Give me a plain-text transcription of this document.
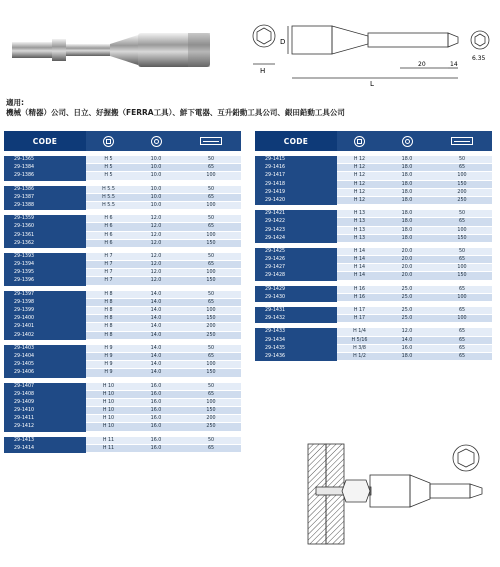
H
D
L
20	14
6.35
適用:
機械（精器）公司、日立、好握搬（FERRA工具）、鮮下電器、互升鉛動工具公司、銀田鉛動工具公司
CODE
29-1365	H 5	10.0	50
29-1384	H 5	10.0	65
29-1386	H 5	10.0	100
29-1386	H 5.5	10.0	50
29-1387	H 5.5	10.0	65
29-1388	H 5.5	10.0	100
29-1359	H 6	12.0	50
29-1360	H 6	12.0	65
29-1361	H 6	12.0	100
29-1362	H 6	12.0	150
29-1393	H 7	12.0	50
29-1394	H 7	12.0	65
29-1395	H 7	12.0	100
29-1396	H 7	12.0	150
29-1397	H 8	14.0	50
29-1398	H 8	14.0	65
29-1399	H 8	14.0	100
29-1400	H 8	14.0	150
29-1401	H 8	14.0	200
29-1402	H 8	14.0	250
29-1403	H 9	14.0	50
29-1404	H 9	14.0	65
29-1405	H 9	14.0	100
29-1406	H 9	14.0	150
29-1407	H 10	16.0	50
29-1408	H 10	16.0	65
29-1409	H 10	16.0	100
29-1410	H 10	16.0	150
29-1411	H 10	16.0	200
29-1412	H 10	16.0	250
29-1413	H 11	16.0	50
29-1414	H 11	16.0	65
CODE
29-1415	H 12	18.0	50
29-1416	H 12	18.0	65
29-1417	H 12	18.0	100
29-1418	H 12	18.0	150
29-1419	H 12	18.0	200
29-1420	H 12	18.0	250
29-1421	H 13	18.0	50
29-1422	H 13	18.0	65
29-1423	H 13	18.0	100
29-1424	H 13	18.0	150
29-1425	H 14	20.0	50
29-1426	H 14	20.0	65
29-1427	H 14	20.0	100
29-1428	H 14	20.0	150
29-1429	H 16	25.0	65
29-1430	H 16	25.0	100
29-1431	H 17	25.0	65
29-1432	H 17	25.0	100
29-1433	H 1/4	12.0	65
29-1434	H 5/16	14.0	65
29-1435	H 3/8	16.0	65
29-1436	H 1/2	18.0	65
